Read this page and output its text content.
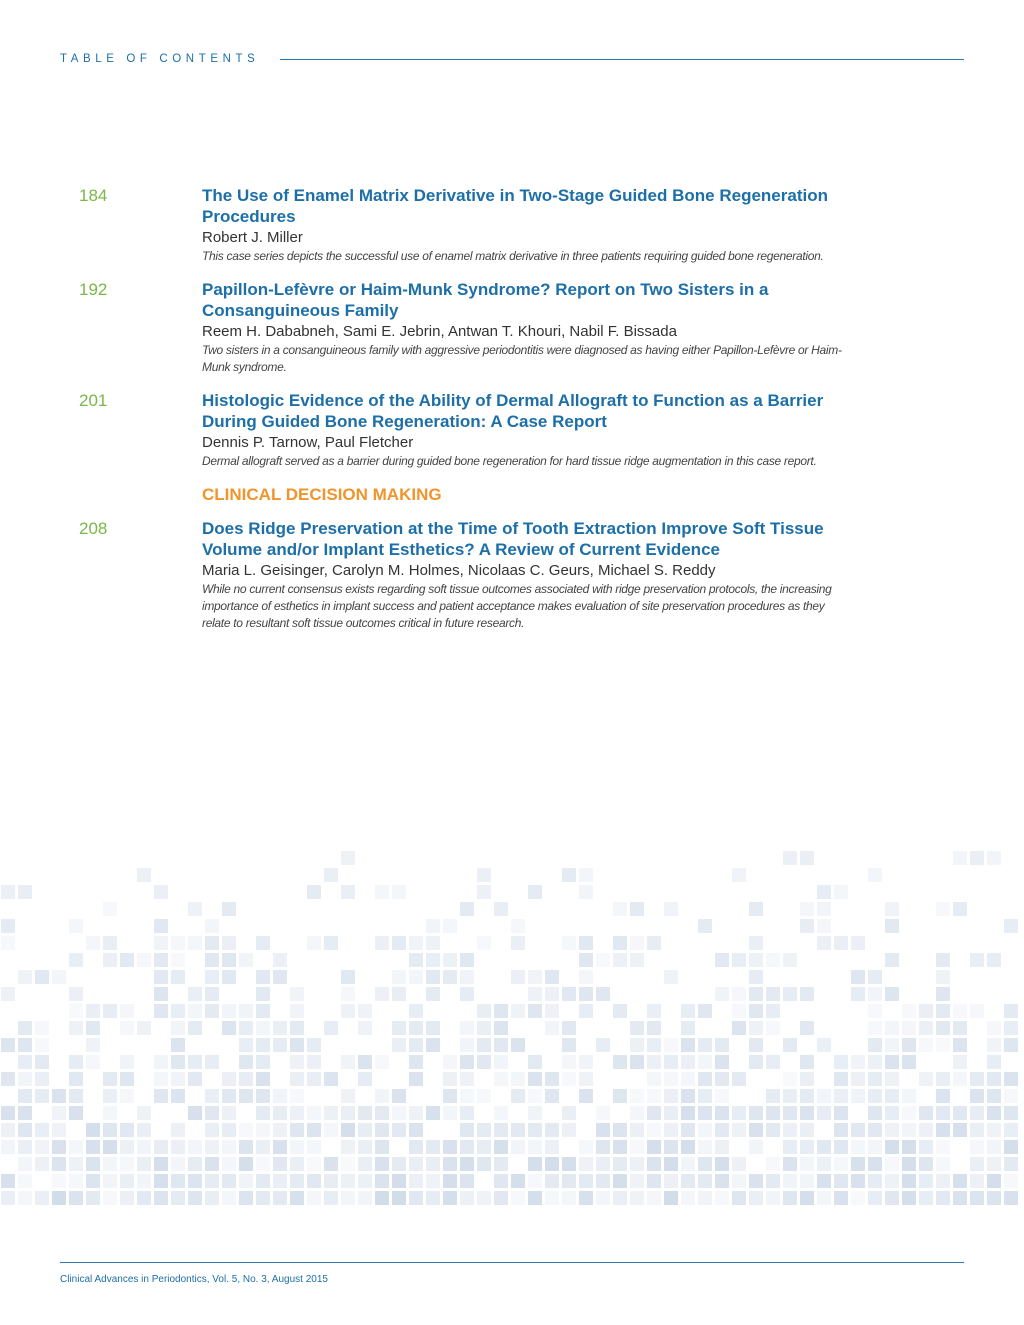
TABLE OF CONTENTS
184	The Use of Enamel Matrix Derivative in Two-Stage Guided Bone Regeneration Procedures
Robert J. Miller
This case series depicts the successful use of enamel matrix derivative in three patients requiring guided bone regeneration.
192	Papillon-Lefèvre or Haim-Munk Syndrome? Report on Two Sisters in a Consanguineous Family
Reem H. Dababneh, Sami E. Jebrin, Antwan T. Khouri, Nabil F. Bissada
Two sisters in a consanguineous family with aggressive periodontitis were diagnosed as having either Papillon-Lefèvre or Haim-Munk syndrome.
201	Histologic Evidence of the Ability of Dermal Allograft to Function as a Barrier During Guided Bone Regeneration: A Case Report
Dennis P. Tarnow, Paul Fletcher
Dermal allograft served as a barrier during guided bone regeneration for hard tissue ridge augmentation in this case report.
CLINICAL DECISION MAKING
208	Does Ridge Preservation at the Time of Tooth Extraction Improve Soft Tissue Volume and/or Implant Esthetics? A Review of Current Evidence
Maria L. Geisinger, Carolyn M. Holmes, Nicolaas C. Geurs, Michael S. Reddy
While no current consensus exists regarding soft tissue outcomes associated with ridge preservation protocols, the increasing importance of esthetics in implant success and patient acceptance makes evaluation of site preservation procedures as they relate to resultant soft tissue outcomes critical in future research.
Clinical Advances in Periodontics, Vol. 5, No. 3, August 2015
